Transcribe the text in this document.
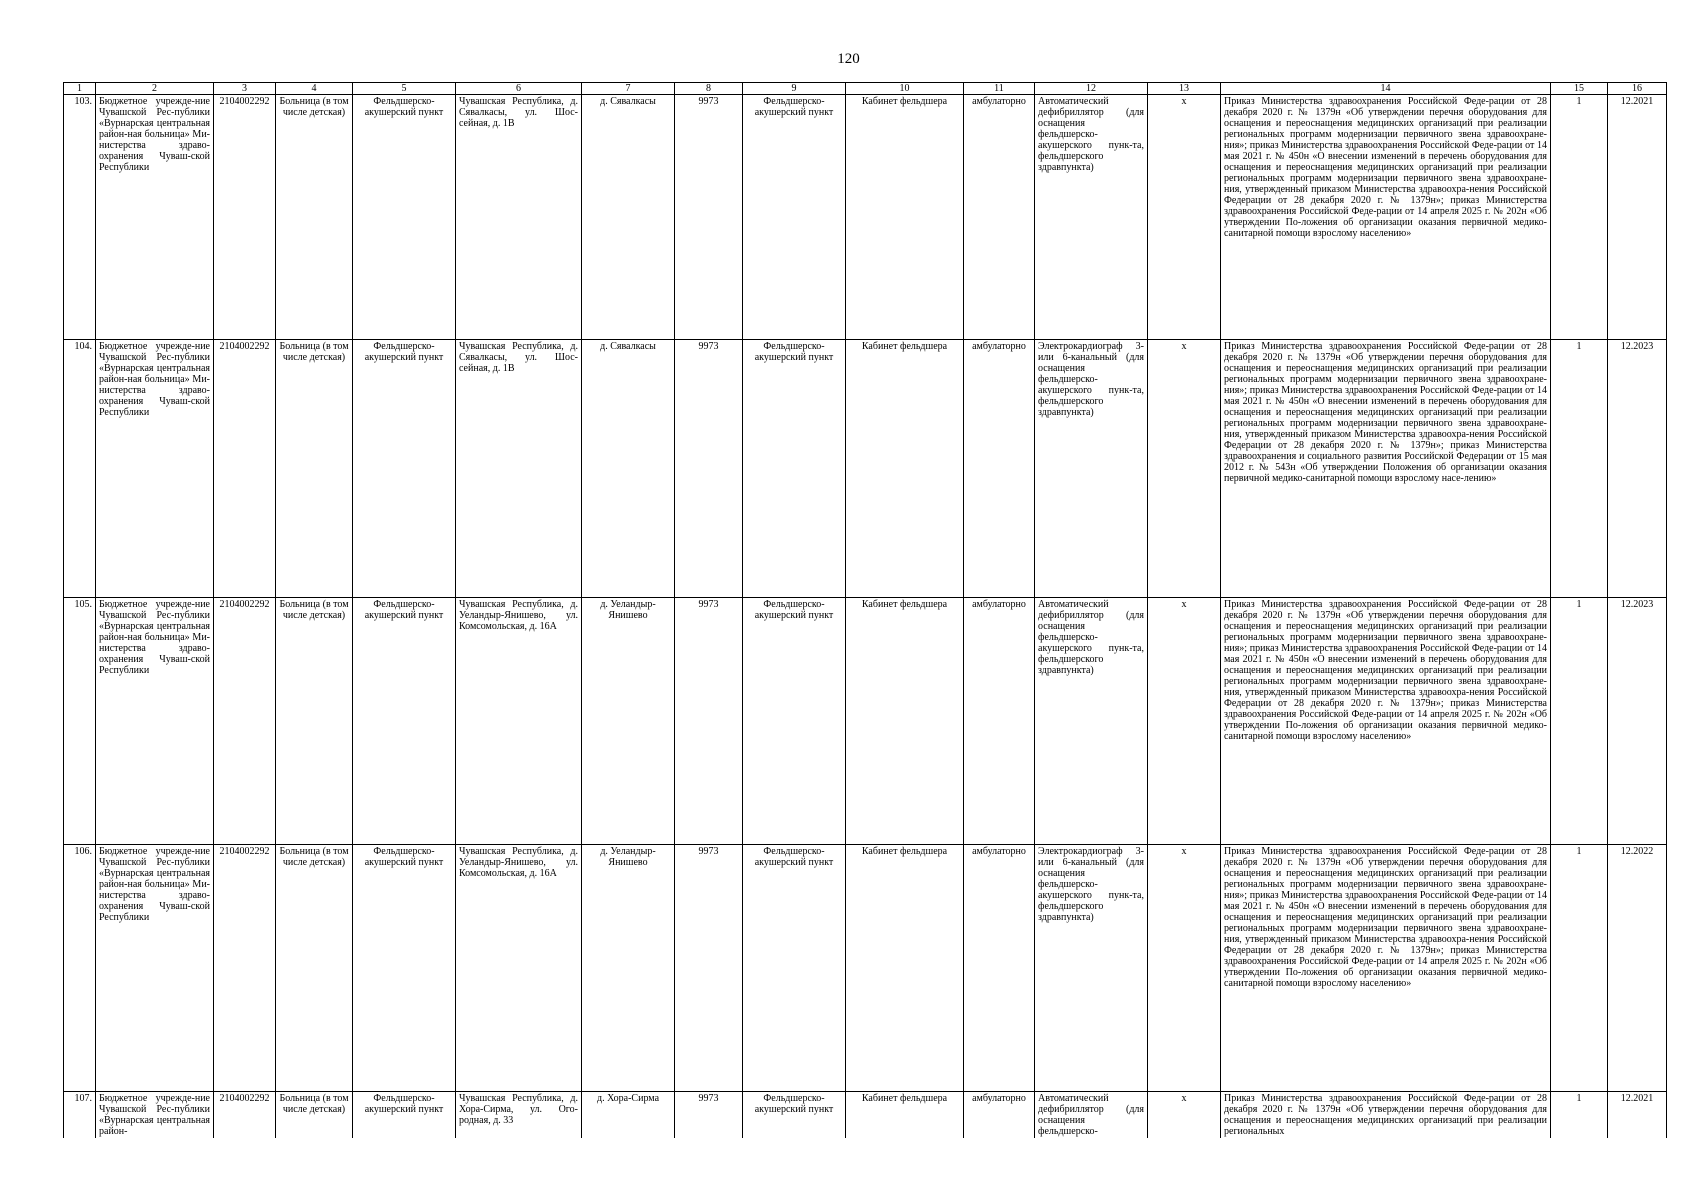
120
1	2	3	4	5	6	7	8	9	10	11	12	13	14	15	16
103.	Бюджетное учрежде-ние Чувашской Рес-публики «Вурнарская центральная район-ная больница» Ми-нистерства здраво-охранения Чуваш-ской Республики	2104002292	Больница (в том числе детская)	Фельдшерско-акушерский пункт	Чувашская Республика, д. Сявалкасы, ул. Шос-сейная, д. 1В	д. Сявалкасы	9973	Фельдшерско-акушерский пункт	Кабинет фельдшера	амбулаторно	Автоматический дефибриллятор (для оснащения фельдшерско-акушерского пунк-та, фельдшерского здравпункта)	x	Приказ Министерства здравоохранения Российской Феде-рации от 28 декабря 2020 г. № 1379н «Об утверждении перечня оборудования для оснащения и переоснащения медицинских организаций при реализации региональных программ модернизации первичного звена здравоохране-ния»; приказ Министерства здравоохранения Российской Феде-рации от 14 мая 2021 г. № 450н «О внесении изменений в перечень оборудования для оснащения и переоснащения медицинских организаций при реализации региональных программ модернизации первичного звена здравоохране-ния, утвержденный приказом Министерства здравоохра-нения Российской Федерации от 28 декабря 2020 г. № 1379н»; приказ Министерства здравоохранения Российской Феде-рации от 14 апреля 2025 г. № 202н «Об утверждении По-ложения об организации оказания первичной медико-санитарной помощи взрослому населению»	1	12.2021
104.	Бюджетное учрежде-ние Чувашской Рес-публики «Вурнарская центральная район-ная больница» Ми-нистерства здраво-охранения Чуваш-ской Республики	2104002292	Больница (в том числе детская)	Фельдшерско-акушерский пункт	Чувашская Республика, д. Сявалкасы, ул. Шос-сейная, д. 1В	д. Сявалкасы	9973	Фельдшерско-акушерский пункт	Кабинет фельдшера	амбулаторно	Электрокардиограф 3- или 6-канальный (для оснащения фельдшерско-акушерского пунк-та, фельдшерского здравпункта)	x	Приказ Министерства здравоохранения Российской Феде-рации от 28 декабря 2020 г. № 1379н «Об утверждении перечня оборудования для оснащения и переоснащения медицинских организаций при реализации региональных программ модернизации первичного звена здравоохране-ния»; приказ Министерства здравоохранения Российской Феде-рации от 14 мая 2021 г. № 450н «О внесении изменений в перечень оборудования для оснащения и переоснащения медицинских организаций при реализации региональных программ модернизации первичного звена здравоохране-ния, утвержденный приказом Министерства здравоохра-нения Российской Федерации от 28 декабря 2020 г. № 1379н»; приказ Министерства здравоохранения и социального развития Российской Федерации от 15 мая 2012 г. № 543н «Об утверждении Положения об организации оказания первичной медико-санитарной помощи взрослому насе-лению»	1	12.2023
105.	Бюджетное учрежде-ние Чувашской Рес-публики «Вурнарская центральная район-ная больница» Ми-нистерства здраво-охранения Чуваш-ской Республики	2104002292	Больница (в том числе детская)	Фельдшерско-акушерский пункт	Чувашская Республика, д. Уеландыр-Янишево, ул. Комсомольская, д. 16А	д. Уеландыр-Янишево	9973	Фельдшерско-акушерский пункт	Кабинет фельдшера	амбулаторно	Автоматический дефибриллятор (для оснащения фельдшерско-акушерского пунк-та, фельдшерского здравпункта)	x	Приказ Министерства здравоохранения Российской Феде-рации от 28 декабря 2020 г. № 1379н «Об утверждении перечня оборудования для оснащения и переоснащения медицинских организаций при реализации региональных программ модернизации первичного звена здравоохране-ния»; приказ Министерства здравоохранения Российской Феде-рации от 14 мая 2021 г. № 450н «О внесении изменений в перечень оборудования для оснащения и переоснащения медицинских организаций при реализации региональных программ модернизации первичного звена здравоохране-ния, утвержденный приказом Министерства здравоохра-нения Российской Федерации от 28 декабря 2020 г. № 1379н»; приказ Министерства здравоохранения Российской Феде-рации от 14 апреля 2025 г. № 202н «Об утверждении По-ложения об организации оказания первичной медико-санитарной помощи взрослому населению»	1	12.2023
106.	Бюджетное учрежде-ние Чувашской Рес-публики «Вурнарская центральная район-ная больница» Ми-нистерства здраво-охранения Чуваш-ской Республики	2104002292	Больница (в том числе детская)	Фельдшерско-акушерский пункт	Чувашская Республика, д. Уеландыр-Янишево, ул. Комсомольская, д. 16А	д. Уеландыр-Янишево	9973	Фельдшерско-акушерский пункт	Кабинет фельдшера	амбулаторно	Электрокардиограф 3- или 6-канальный (для оснащения фельдшерско-акушерского пунк-та, фельдшерского здравпункта)	x	Приказ Министерства здравоохранения Российской Феде-рации от 28 декабря 2020 г. № 1379н «Об утверждении перечня оборудования для оснащения и переоснащения медицинских организаций при реализации региональных программ модернизации первичного звена здравоохране-ния»; приказ Министерства здравоохранения Российской Феде-рации от 14 мая 2021 г. № 450н «О внесении изменений в перечень оборудования для оснащения и переоснащения медицинских организаций при реализации региональных программ модернизации первичного звена здравоохране-ния, утвержденный приказом Министерства здравоохра-нения Российской Федерации от 28 декабря 2020 г. № 1379н»; приказ Министерства здравоохранения Российской Феде-рации от 14 апреля 2025 г. № 202н «Об утверждении По-ложения об организации оказания первичной медико-санитарной помощи взрослому населению»	1	12.2022
107.	Бюджетное учрежде-ние Чувашской Рес-публики «Вурнарская центральная район-	2104002292	Больница (в том числе детская)	Фельдшерско-акушерский пункт	Чувашская Республика, д. Хора-Сирма, ул. Ого-родная, д. 33	д. Хора-Сирма	9973	Фельдшерско-акушерский пункт	Кабинет фельдшера	амбулаторно	Автоматический дефибриллятор (для оснащения фельдшерско-	x	Приказ Министерства здравоохранения Российской Феде-рации от 28 декабря 2020 г. № 1379н «Об утверждении перечня оборудования для оснащения и переоснащения медицинских организаций при реализации региональных	1	12.2021
